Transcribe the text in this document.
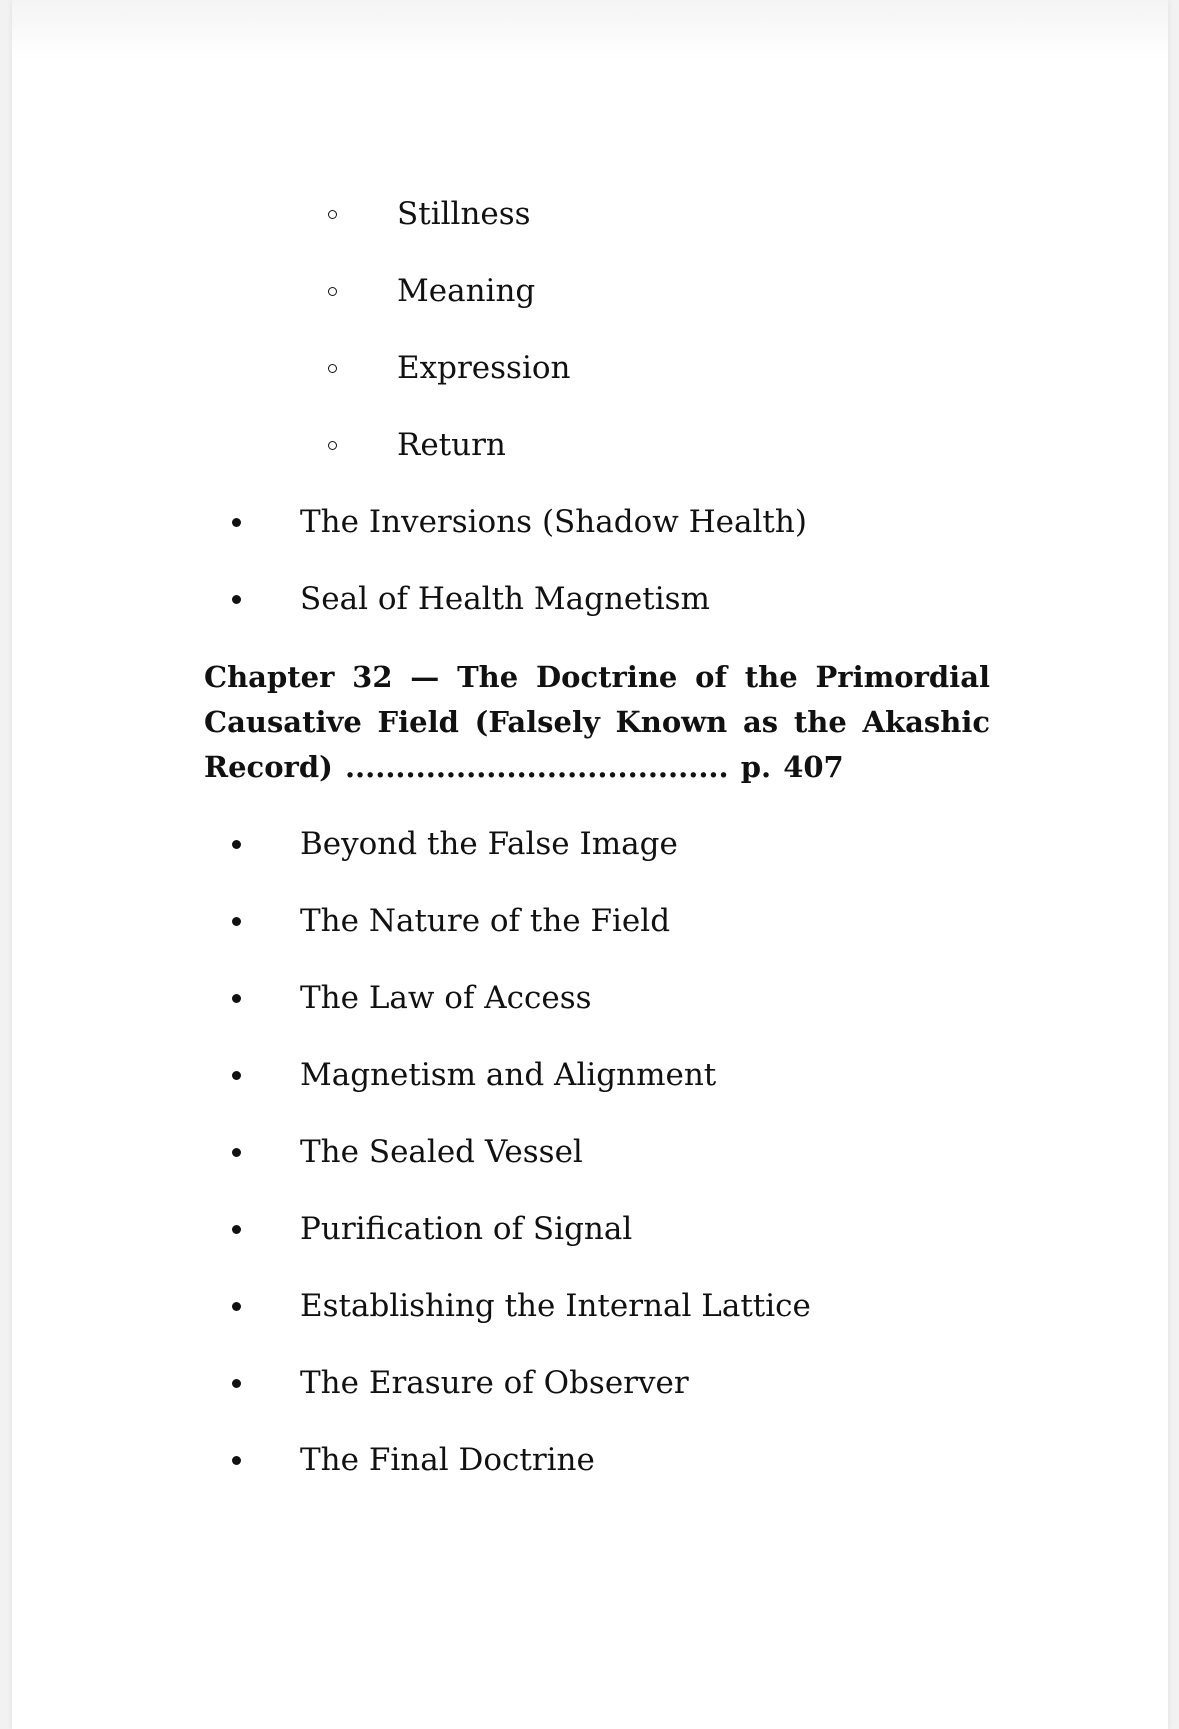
Stillness
Meaning
Expression
Return
The Inversions (Shadow Health)
Seal of Health Magnetism
Chapter 32 — The Doctrine of the Primordial Causative Field (Falsely Known as the Akashic Record) ...................................... p. 407
Beyond the False Image
The Nature of the Field
The Law of Access
Magnetism and Alignment
The Sealed Vessel
Purification of Signal
Establishing the Internal Lattice
The Erasure of Observer
The Final Doctrine
